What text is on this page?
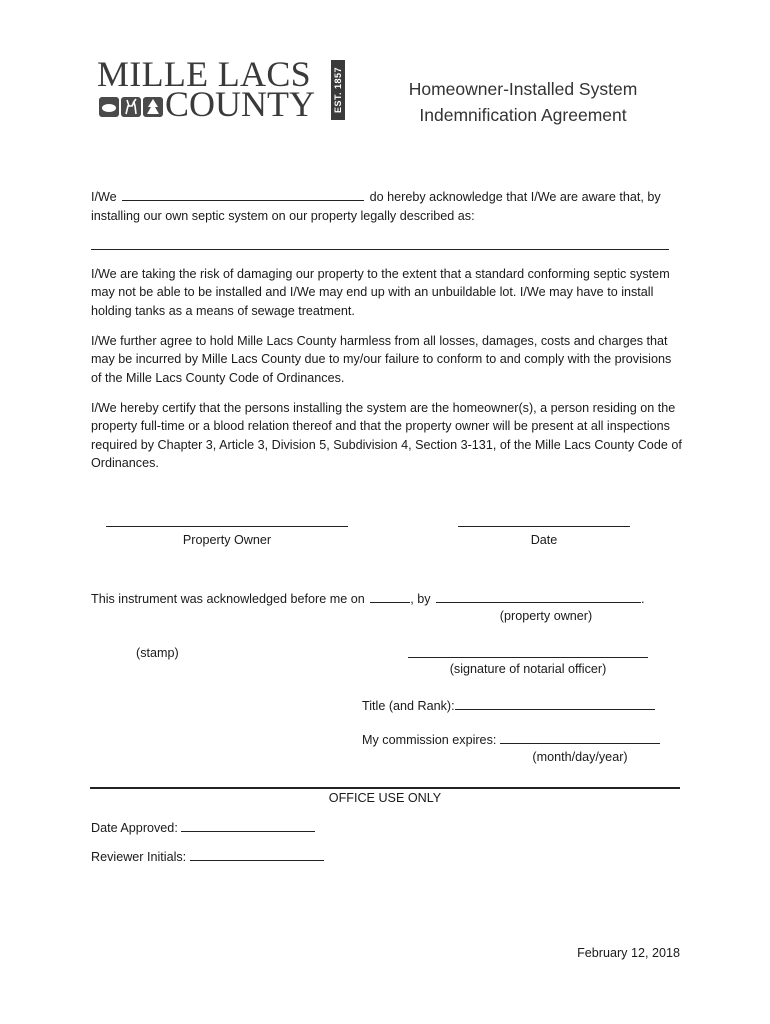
MILLE LACS
COUNTY EST. 1857	Homeowner-Installed System
Indemnification Agreement
I/We	do hereby acknowledge that I/We are aware that, by
installing our own septic system on our property legally described as:
I/We are taking the risk of damaging our property to the extent that a standard conforming septic system may not be able to be installed and I/We may end up with an unbuildable lot. I/We may have to install holding tanks as a means of sewage treatment.
I/We further agree to hold Mille Lacs County harmless from all losses, damages, costs and charges that may be incurred by Mille Lacs County due to my/our failure to conform to and comply with the provisions of the Mille Lacs County Code of Ordinances.
I/We hereby certify that the persons installing the system are the homeowner(s), a person residing on the property full-time or a blood relation thereof and that the property owner will be present at all inspections required by Chapter 3, Article 3, Division 5, Subdivision 4, Section 3-131, of the Mille Lacs County Code of Ordinances.
Property Owner	Date
This instrument was acknowledged before me on	, by	.
(property owner)
(stamp)
(signature of notarial officer)
Title (and Rank):
My commission expires:
(month/day/year)
OFFICE USE ONLY
Date Approved:
Reviewer Initials:
February 12, 2018
